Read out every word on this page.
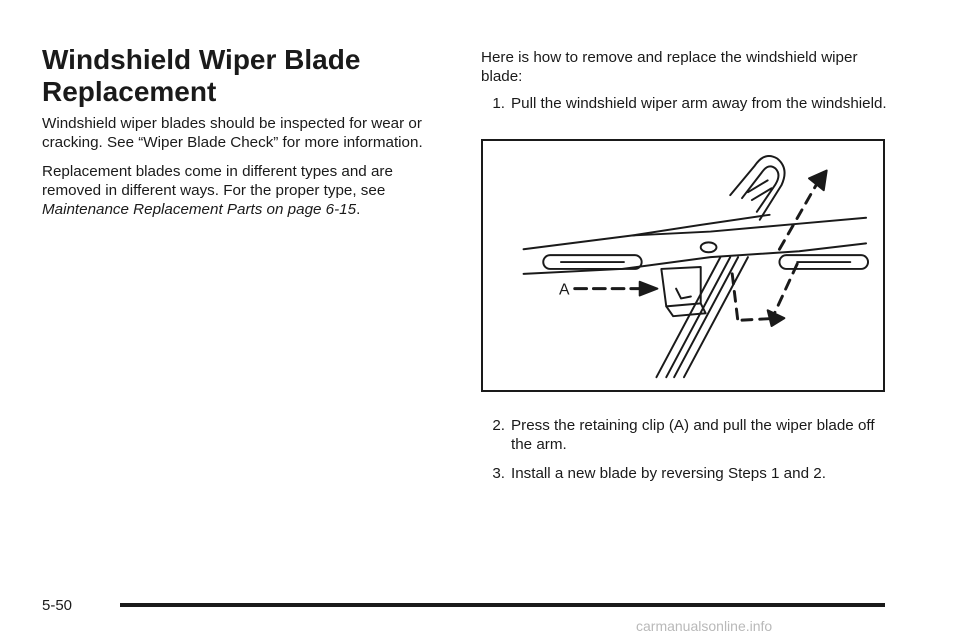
Windshield Wiper Blade Replacement

Windshield wiper blades should be inspected for wear or cracking. See “Wiper Blade Check” for more information.

Replacement blades come in different types and are removed in different ways. For the proper type, see Maintenance Replacement Parts on page 6-15.

Here is how to remove and replace the windshield wiper blade:

1. Pull the windshield wiper arm away from the windshield.
A
2. Press the retaining clip (A) and pull the wiper blade off the arm.
3. Install a new blade by reversing Steps 1 and 2.
5-50
carmanualsonline.info
